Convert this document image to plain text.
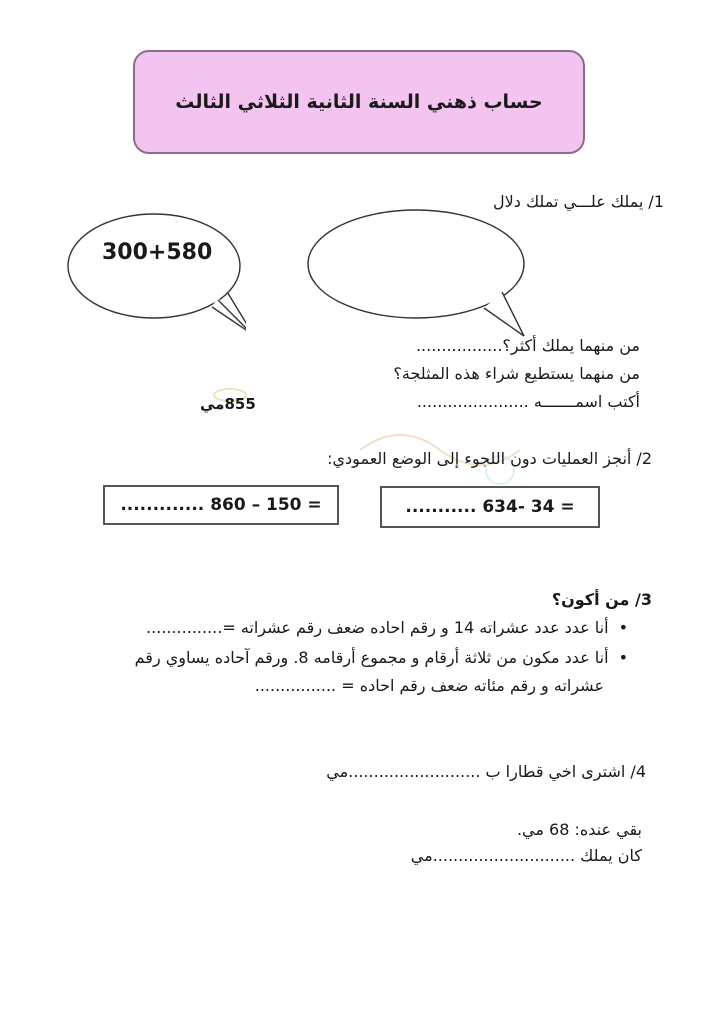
حساب ذهني السنة الثانية الثلاثي الثالث
1/ يملك علـــي تملك دلال
300+580
من منهما يملك أكثر؟.................
من منهما يستطيع شراء هذه المثلجة؟
أكتب اسمـــــــه ......................
855مي
2/ أنجز العمليات دون اللجوء إلى الوضع العمودي:
............. 860 – 150 =	........... 634- 34 =
3/ من أكون؟
• أنا عدد عدد عشراته 14 و رقم احاده ضعف رقم عشراته =...............
• أنا عدد مكون من ثلاثة أرقام و مجموع أرقامه 8. ورقم آحاده يساوي رقم
عشراته و رقم مئاته ضعف رقم احاده = ................
4/ اشترى اخي قطارا ب ..........................مي
بقي عنده: 68 مي.
كان يملك ............................مي
